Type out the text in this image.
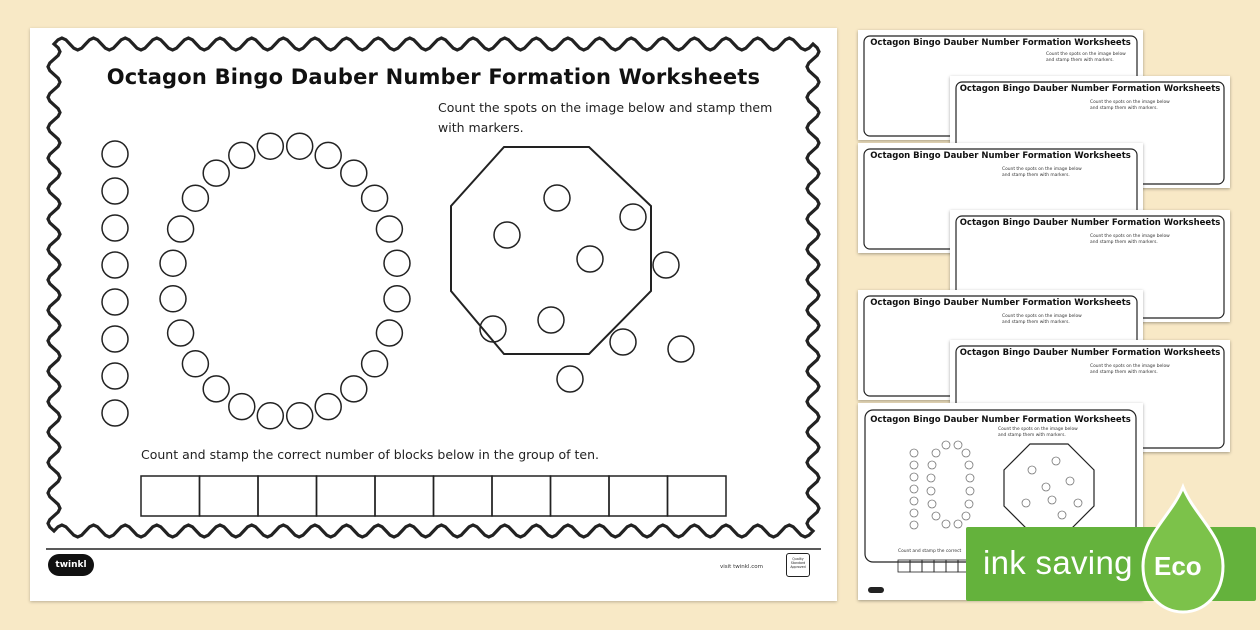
Octagon Bingo Dauber Number Formation Worksheets
Count the spots on the image below and stamp them with markers.
Octagon Bingo Dauber Number Formation Worksheets
Count the spots on the image below and stamp them with markers.
Octagon Bingo Dauber Number Formation Worksheets
Count the spots on the image below and stamp them with markers.
Octagon Bingo Dauber Number Formation Worksheets
Count the spots on the image below and stamp them with markers.
Octagon Bingo Dauber Number Formation Worksheets
Count the spots on the image below and stamp them with markers.
Octagon Bingo Dauber Number Formation Worksheets
Count the spots on the image below and stamp them with markers.
Octagon Bingo Dauber Number Formation Worksheets
Count the spots on the image below and stamp them with markers.
Count and stamp the correct
Octagon Bingo Dauber Number Formation Worksheets
Count the spots on the image below and stamp them with markers.
Count and stamp the correct number of blocks below in the group of ten.
twinkl	visit twinkl.com
Quality Standard Approved	ink saving Eco
